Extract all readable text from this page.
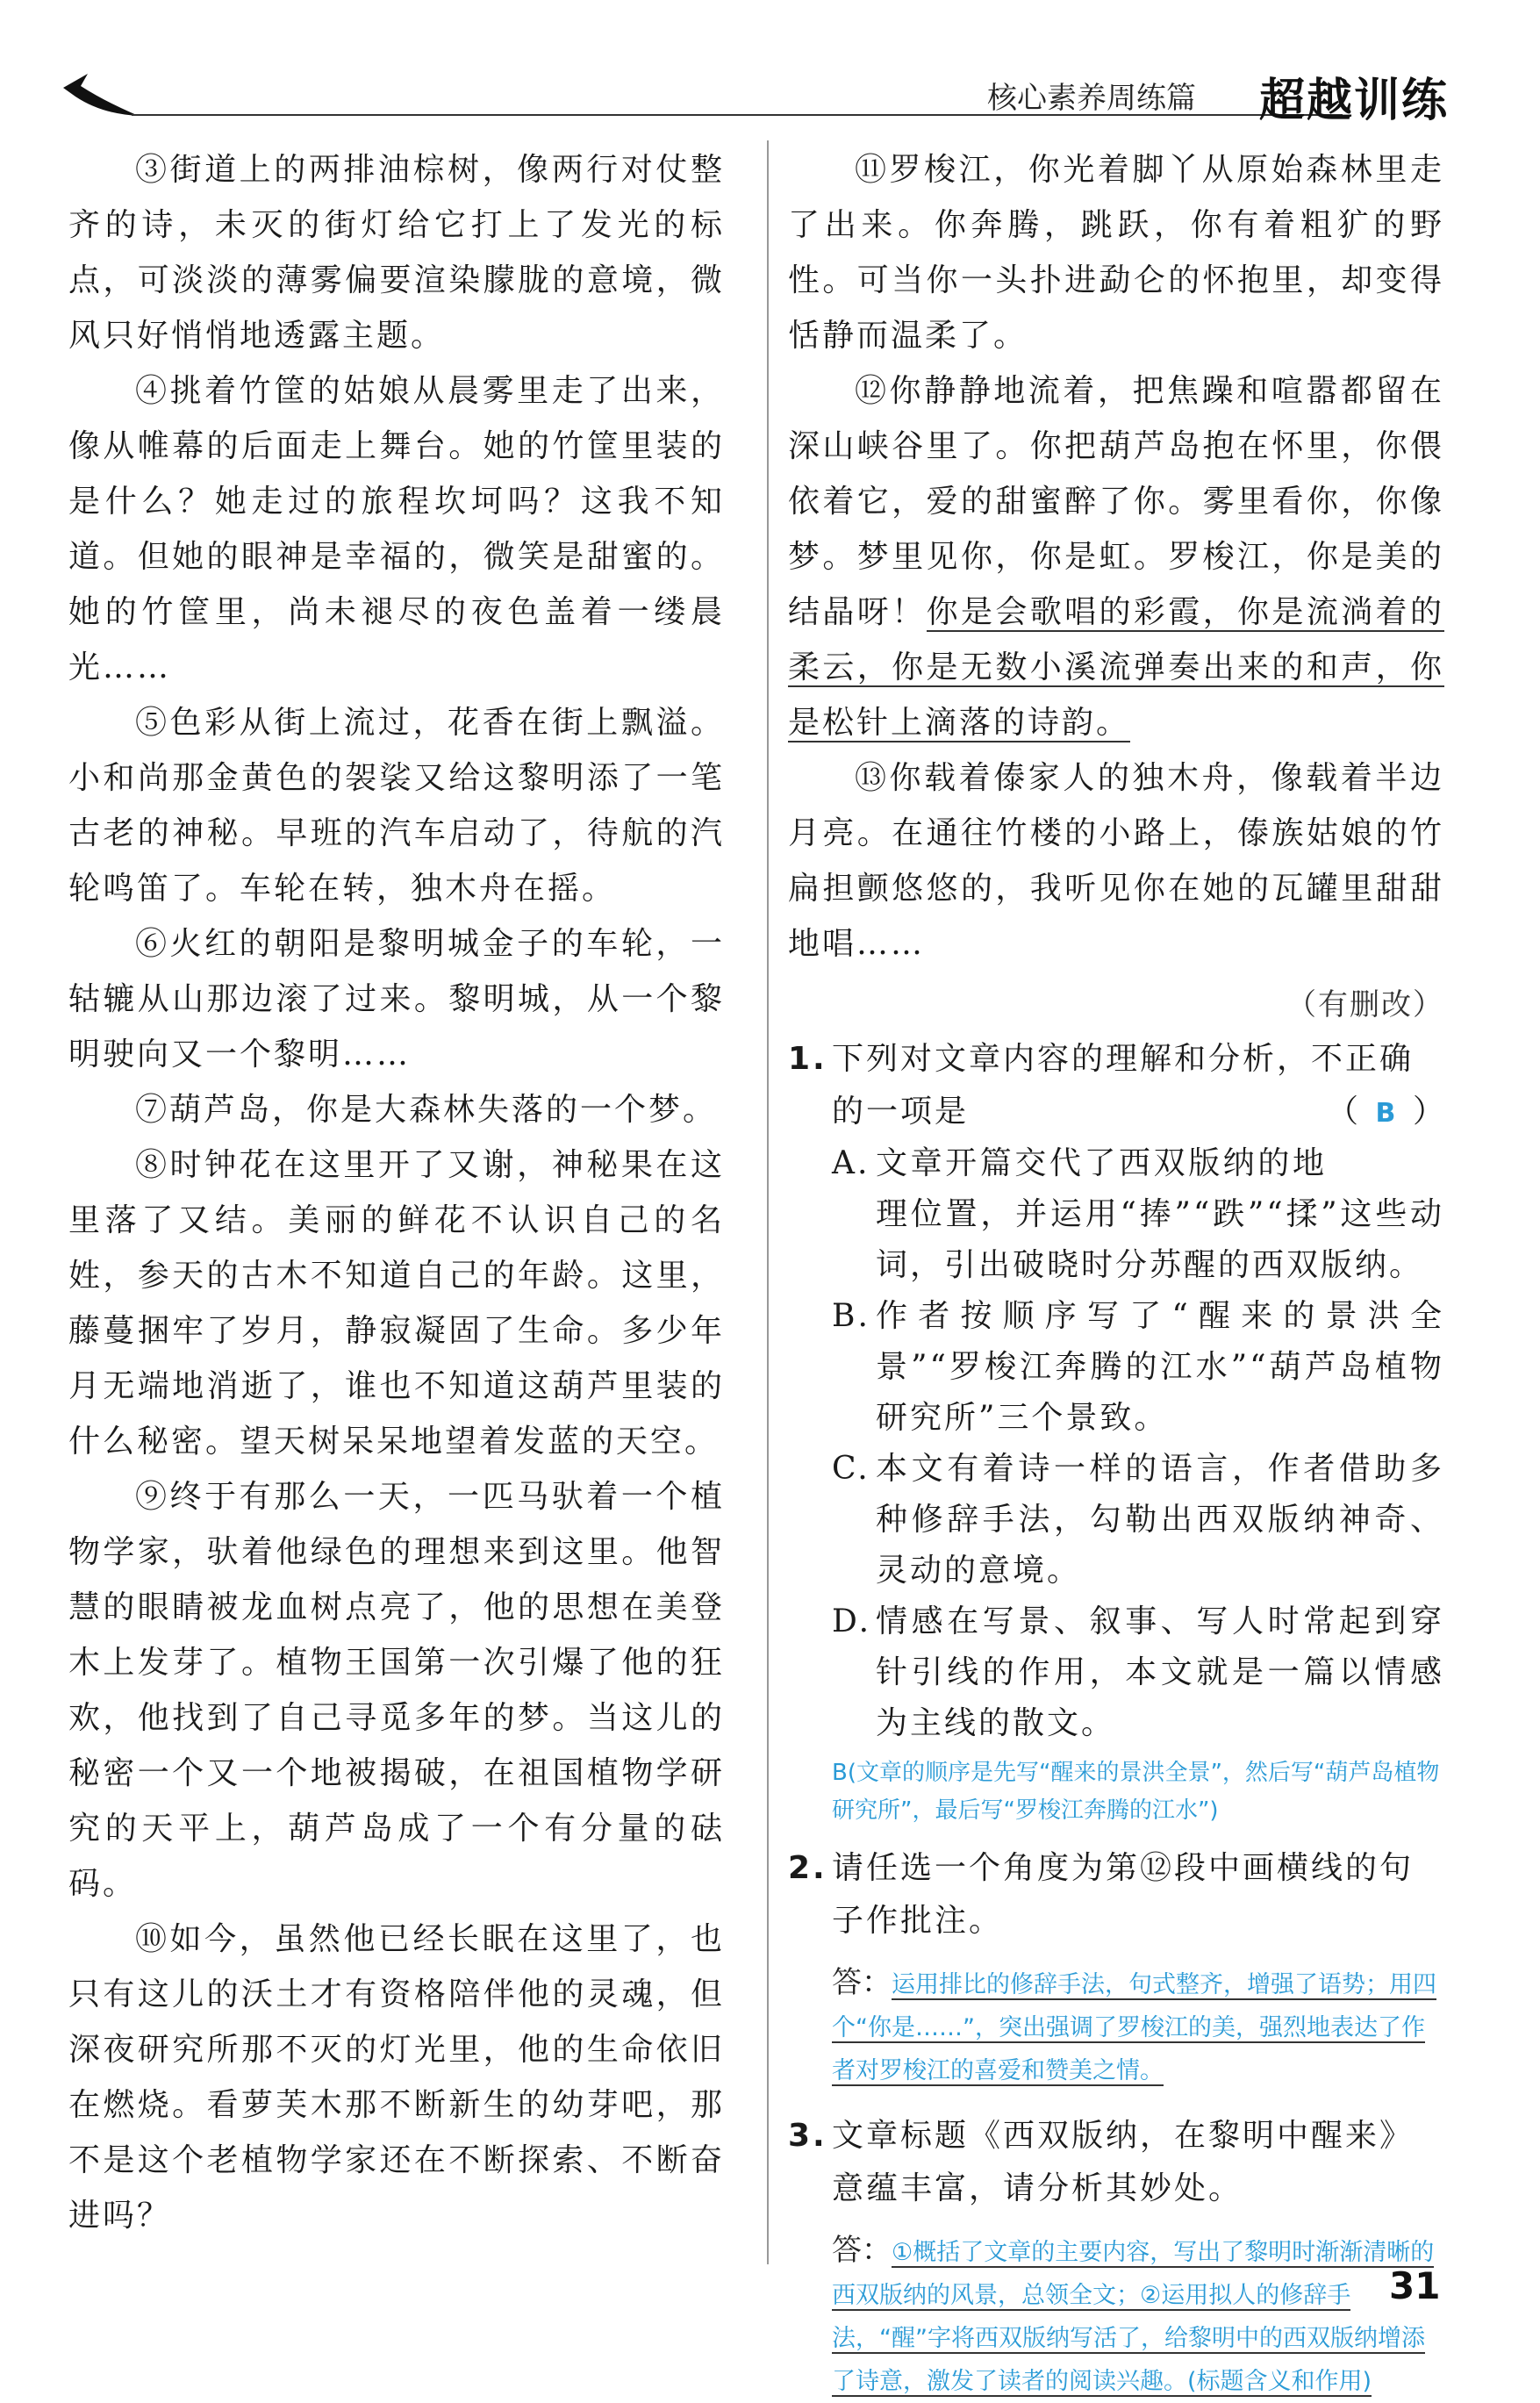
核心素养周练篇 超越训练

③街道上的两排油棕树，像两行对仗整齐的诗，未灭的街灯给它打上了发光的标点，可淡淡的薄雾偏要渲染朦胧的意境，微风只好悄悄地透露主题。

④挑着竹筐的姑娘从晨雾里走了出来，像从帷幕的后面走上舞台。她的竹筐里装的是什么？她走过的旅程坎坷吗？这我不知道。但她的眼神是幸福的，微笑是甜蜜的。她的竹筐里，尚未褪尽的夜色盖着一缕晨光……

⑤色彩从街上流过，花香在街上飘溢。小和尚那金黄色的袈裟又给这黎明添了一笔古老的神秘。早班的汽车启动了，待航的汽轮鸣笛了。车轮在转，独木舟在摇。

⑥火红的朝阳是黎明城金子的车轮，一轱辘从山那边滚了过来。黎明城，从一个黎明驶向又一个黎明……

⑦葫芦岛，你是大森林失落的一个梦。

⑧时钟花在这里开了又谢，神秘果在这里落了又结。美丽的鲜花不认识自己的名姓，参天的古木不知道自己的年龄。这里，藤蔓捆牢了岁月，静寂凝固了生命。多少年月无端地消逝了，谁也不知道这葫芦里装的什么秘密。望天树呆呆地望着发蓝的天空。

⑨终于有那么一天，一匹马驮着一个植物学家，驮着他绿色的理想来到这里。他智慧的眼睛被龙血树点亮了，他的思想在美登木上发芽了。植物王国第一次引爆了他的狂欢，他找到了自己寻觅多年的梦。当这儿的秘密一个又一个地被揭破，在祖国植物学研究的天平上，葫芦岛成了一个有分量的砝码。

⑩如今，虽然他已经长眠在这里了，也只有这儿的沃土才有资格陪伴他的灵魂，但深夜研究所那不灭的灯光里，他的生命依旧在燃烧。看萝芙木那不断新生的幼芽吧，那不是这个老植物学家还在不断探索、不断奋进吗？

⑪罗梭江，你光着脚丫从原始森林里走了出来。你奔腾，跳跃，你有着粗犷的野性。可当你一头扑进勐仑的怀抱里，却变得恬静而温柔了。

⑫你静静地流着，把焦躁和喧嚣都留在深山峡谷里了。你把葫芦岛抱在怀里，你偎依着它，爱的甜蜜醉了你。雾里看你，你像梦。梦里见你，你是虹。罗梭江，你是美的结晶呀！你是会歌唱的彩霞，你是流淌着的柔云，你是无数小溪流弹奏出来的和声，你是松针上滴落的诗韵。

⑬你载着傣家人的独木舟，像载着半边月亮。在通往竹楼的小路上，傣族姑娘的竹扁担颤悠悠的，我听见你在她的瓦罐里甜甜地唱……

（有删改）

1. 下列对文章内容的理解和分析，不正确的一项是	（ B ）
A. 文章开篇交代了西双版纳的地理位置，并运用“捧”“跌”“揉”这些动词，引出破晓时分苏醒的西双版纳。
B. 作者按顺序写了“醒来的景洪全景”“罗梭江奔腾的江水”“葫芦岛植物研究所”三个景致。
C. 本文有着诗一样的语言，作者借助多种修辞手法，勾勒出西双版纳神奇、灵动的意境。
D. 情感在写景、叙事、写人时常起到穿针引线的作用，本文就是一篇以情感为主线的散文。
B(文章的顺序是先写“醒来的景洪全景”，然后写“葫芦岛植物研究所”，最后写“罗梭江奔腾的江水”)
2. 请任选一个角度为第⑫段中画横线的句子作批注。
答：运用排比的修辞手法，句式整齐，增强了语势；用四个“你是……”，突出强调了罗梭江的美，强烈地表达了作者对罗梭江的喜爱和赞美之情。
3. 文章标题《西双版纳，在黎明中醒来》意蕴丰富，请分析其妙处。
答：①概括了文章的主要内容，写出了黎明时渐渐清晰的西双版纳的风景，总领全文；②运用拟人的修辞手法，“醒”字将西双版纳写活了，给黎明中的西双版纳增添了诗意，激发了读者的阅读兴趣。(标题含义和作用)
31
